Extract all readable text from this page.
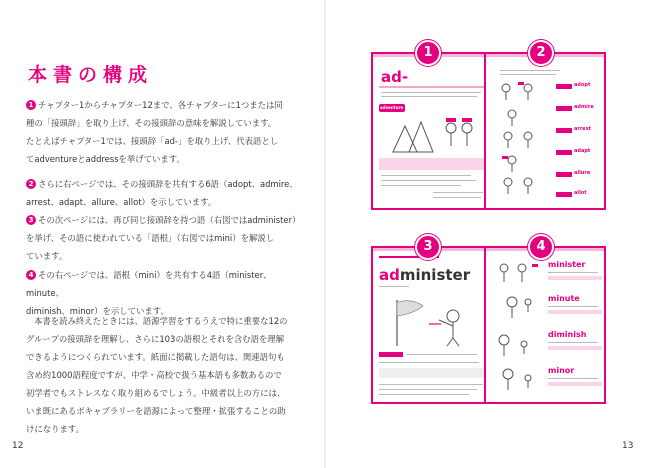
本書の構成
1 チャプター1からチャプター12まで、各チャプターに1つまたは同
種の「接頭辞」を取り上げ、その接頭辞の意味を解説しています。
たとえばチャプター1では、接頭辞「ad-」を取り上げ、代表語とし
てadventureとaddressを挙げています。
2 さらに右ページでは、その接頭辞を共有する6語（adopt、admire、
arrest、adapt、allure、allot）を示しています。
3 その次ページには、再び同じ接頭辞を持つ語（右図ではadminister）
を挙げ、その語に使われている「語根」（右図ではmini）を解説し
ています。
4 その右ページでは、語根（mini）を共有する4語（minister、minute、
diminish、minor）を示しています。
本書を読み終えたときには、語源学習をするうえで特に重要な12の
グループの接頭辞を理解し、さらに103の語根とそれを含む語を理解
できるようにつくられています。紙面に掲載した語句は、関連語句も
含め約1000語程度ですが、中学・高校で扱う基本語も多数あるので
初学者でもストレスなく取り組めるでしょう。中級者以上の方には、
いま既にあるボキャブラリーを語源によって整理・拡張することの助
けになります。
12
ad-
adventure
1
adopt
admire
arrest
adapt
allure
allot
2
administer
3
minister
minute
diminish
minor
4
13
